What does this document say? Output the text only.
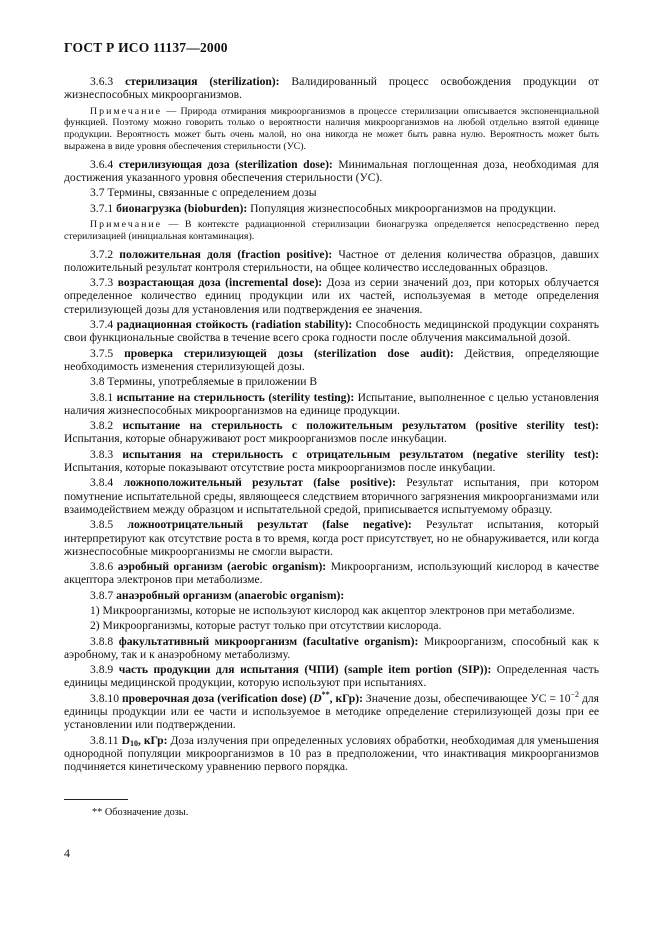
ГОСТ Р ИСО 11137—2000

3.6.3 стерилизация (sterilization): Валидированный процесс освобождения продукции от жизнеспособных микроорганизмов.

Примечание — Природа отмирания микроорганизмов в процессе стерилизации описывается экспоненциальной функцией. Поэтому можно говорить только о вероятности наличия микроорганизмов на любой отдельно взятой единице продукции. Вероятность может быть очень малой, но она никогда не может быть равна нулю. Вероятность может быть выражена в виде уровня обеспечения стерильности (УС).

3.6.4 стерилизующая доза (sterilization dose): Минимальная поглощенная доза, необходимая для достижения указанного уровня обеспечения стерильности (УС).

3.7 Термины, связанные с определением дозы

3.7.1 бионагрузка (bioburden): Популяция жизнеспособных микроорганизмов на продукции.

Примечание — В контексте радиационной стерилизации бионагрузка определяется непосредственно перед стерилизацией (инициальная контаминация).

3.7.2 положительная доля (fraction positive): Частное от деления количества образцов, давших положительный результат контроля стерильности, на общее количество исследованных образцов.

3.7.3 возрастающая доза (incremental dose): Доза из серии значений доз, при которых облучается определенное количество единиц продукции или их частей, используемая в методе определения стерилизующей дозы для установления или подтверждения ее значения.

3.7.4 радиационная стойкость (radiation stability): Способность медицинской продукции сохранять свои функциональные свойства в течение всего срока годности после облучения максимальной дозой.

3.7.5 проверка стерилизующей дозы (sterilization dose audit): Действия, определяющие необходимость изменения стерилизующей дозы.

3.8 Термины, употребляемые в приложении В

3.8.1 испытание на стерильность (sterility testing): Испытание, выполненное с целью установления наличия жизнеспособных микроорганизмов на единице продукции.

3.8.2 испытание на стерильность с положительным результатом (positive sterility test): Испытания, которые обнаруживают рост микроорганизмов после инкубации.

3.8.3 испытания на стерильность с отрицательным результатом (negative sterility test): Испытания, которые показывают отсутствие роста микроорганизмов после инкубации.

3.8.4 ложноположительный результат (false positive): Результат испытания, при котором помутнение испытательной среды, являющееся следствием вторичного загрязнения микроорганизмами или взаимодействием между образцом и испытательной средой, приписывается испытуемому образцу.

3.8.5 ложноотрицательный результат (false negative): Результат испытания, который интерпретируют как отсутствие роста в то время, когда рост присутствует, но не обнаруживается, или когда жизнеспособные микроорганизмы не смогли вырасти.

3.8.6 аэробный организм (aerobic organism): Микроорганизм, использующий кислород в качестве акцептора электронов при метаболизме.

3.8.7 анаэробный организм (anaerobic organism):

1) Микроорганизмы, которые не используют кислород как акцептор электронов при метаболизме.

2) Микроорганизмы, которые растут только при отсутствии кислорода.

3.8.8 факультативный микроорганизм (facultative organism): Микроорганизм, способный как к аэробному, так и к анаэробному метаболизму.

3.8.9 часть продукции для испытания (ЧПИ) (sample item portion (SIP)): Определенная часть единицы медицинской продукции, которую используют при испытаниях.

3.8.10 проверочная доза (verification dose) (D**, кГр): Значение дозы, обеспечивающее УС = $10^{-2}$ для единицы продукции или ее части и используемое в методике определение стерилизующей дозы при ее установлении или подтверждении.

3.8.11 $D_{10}$, кГр: Доза излучения при определенных условиях обработки, необходимая для уменьшения однородной популяции микроорганизмов в 10 раз в предположении, что инактивация микроорганизмов подчиняется кинетическому уравнению первого порядка.

** Обозначение дозы.
4
